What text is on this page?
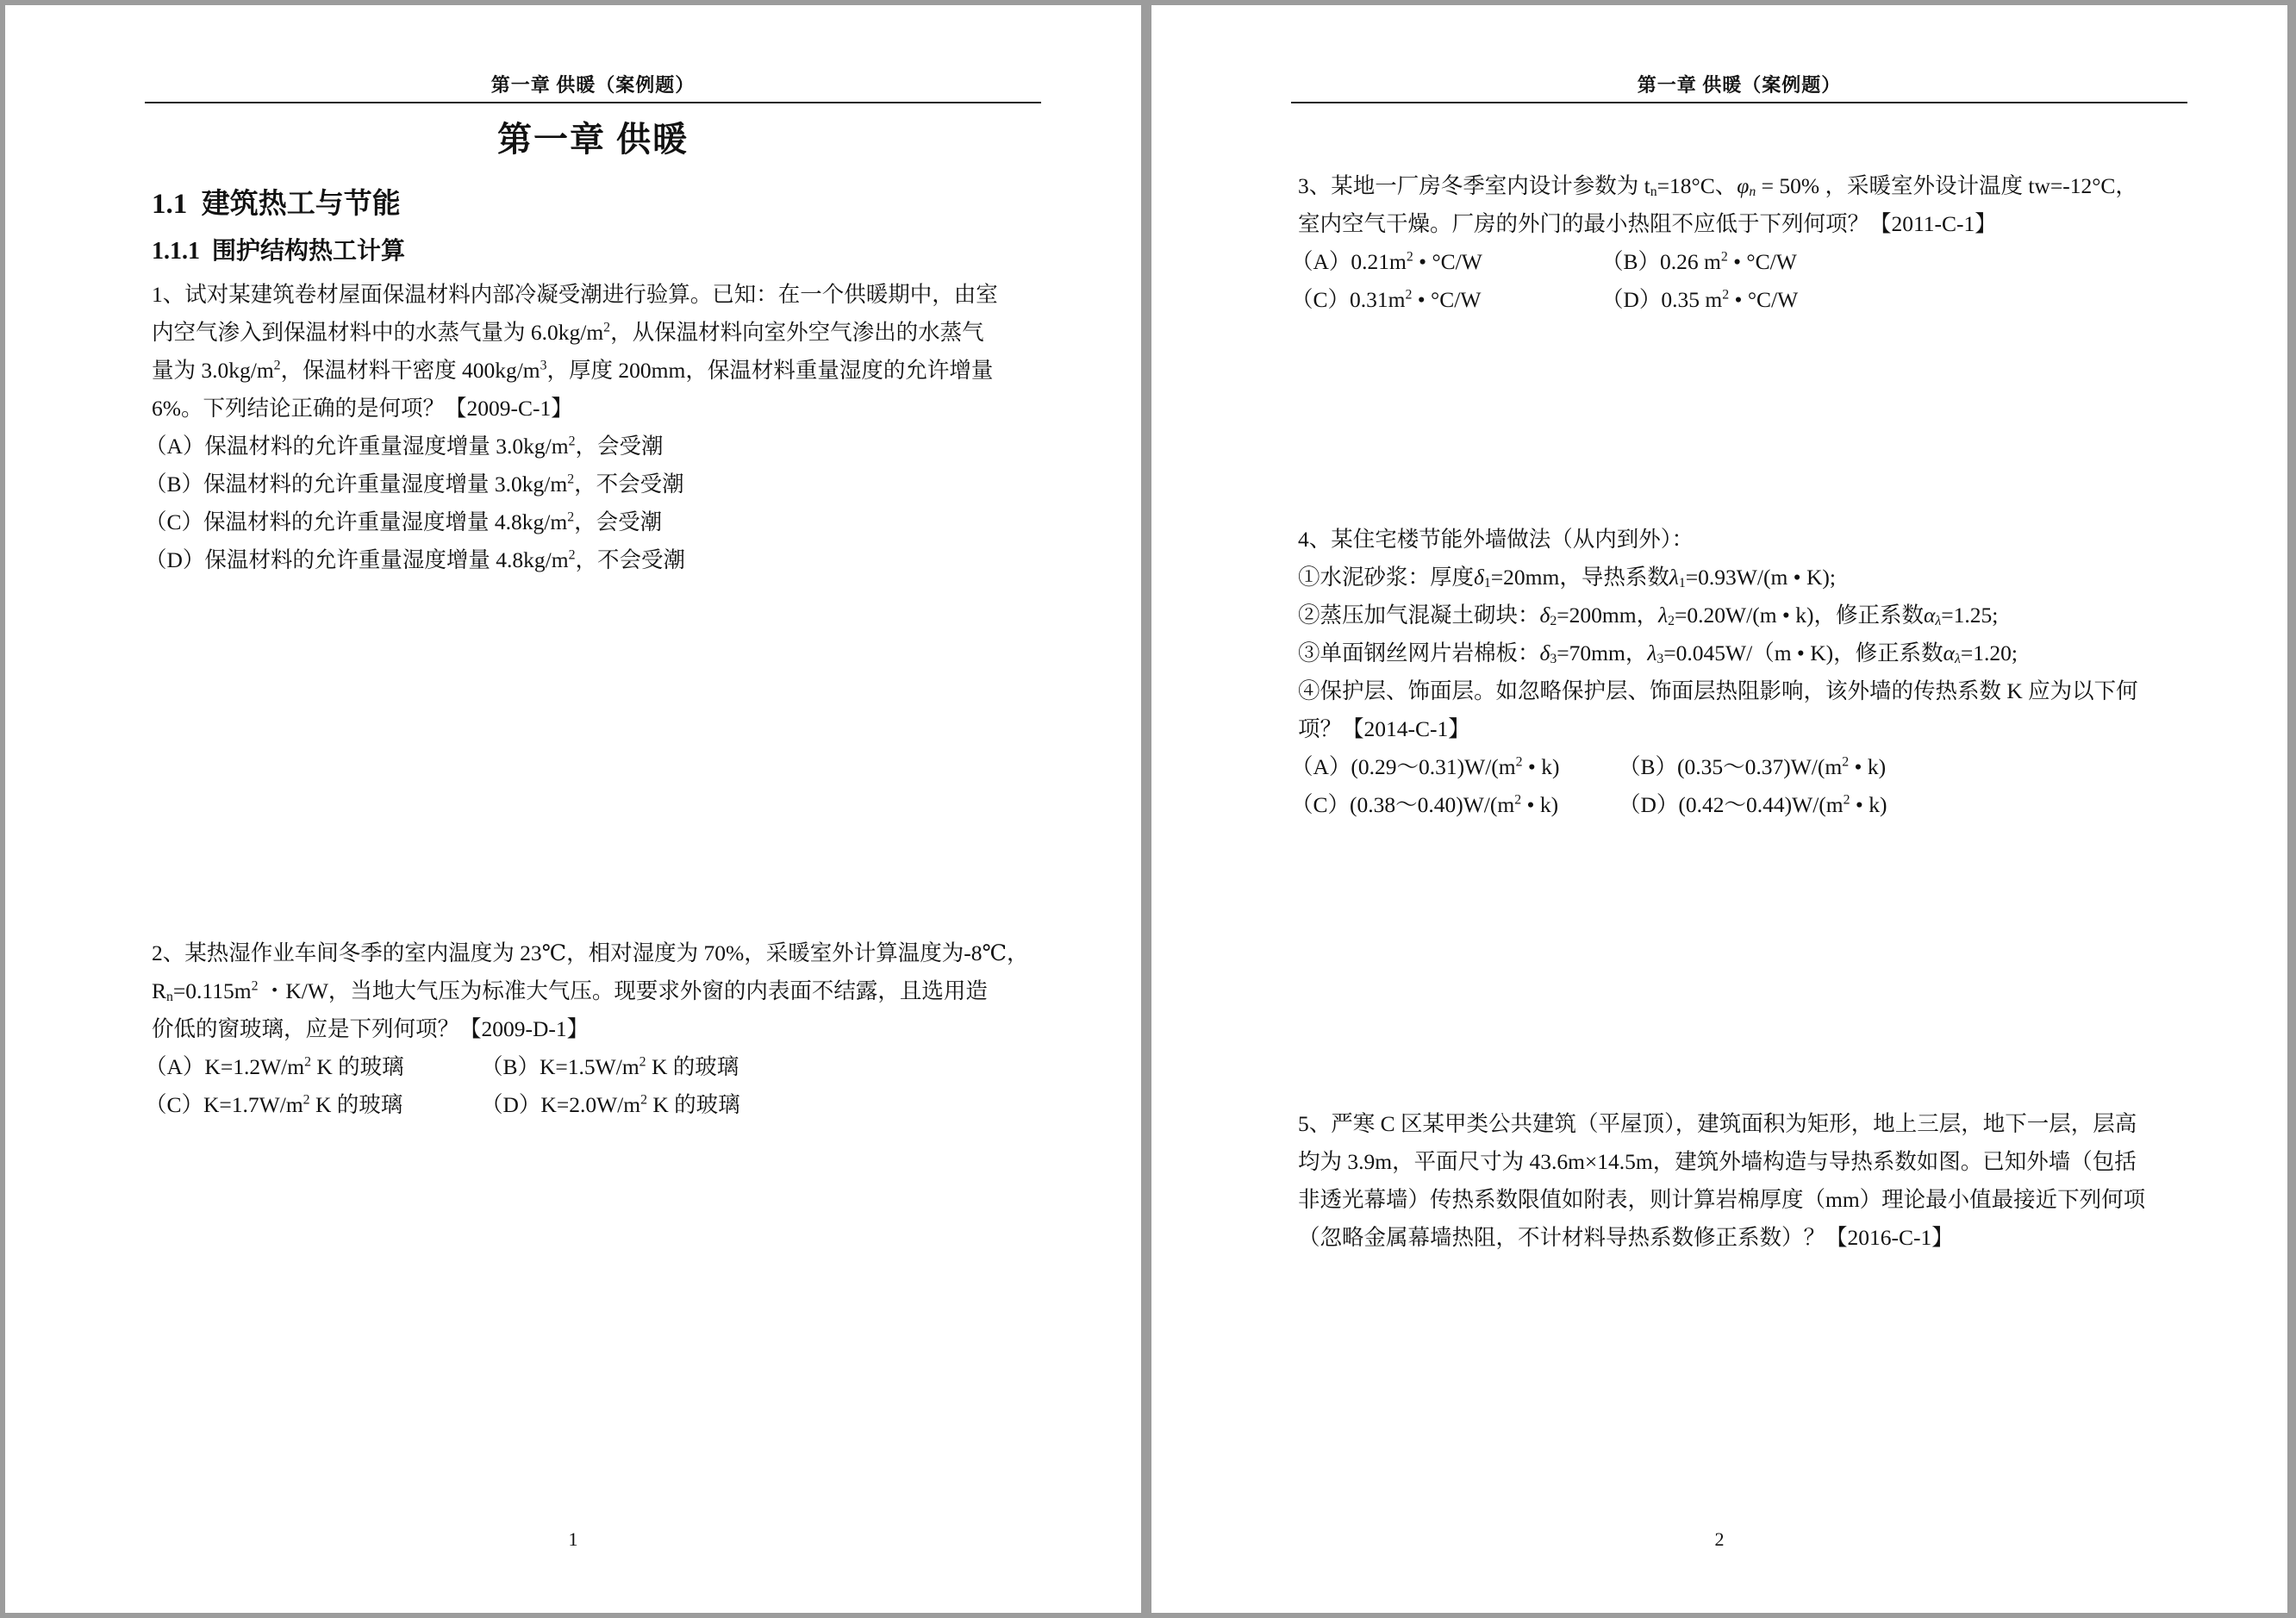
第一章 供暖（案例题）
第一章 供暖
1.1 建筑热工与节能
1.1.1 围护结构热工计算
1、试对某建筑卷材屋面保温材料内部冷凝受潮进行验算。已知：在一个供暖期中，由室
内空气渗入到保温材料中的水蒸气量为 $6.0kg/m^2$，从保温材料向室外空气渗出的水蒸气
量为 $3.0kg/m^2$，保温材料干密度 $400kg/m^3$，厚度 200mm，保温材料重量湿度的允许增量
6%。下列结论正确的是何项？【2009-C-1】
（A）保温材料的允许重量湿度增量 $3.0kg/m^2$，会受潮
（B）保温材料的允许重量湿度增量 $3.0kg/m^2$，不会受潮
（C）保温材料的允许重量湿度增量 $4.8kg/m^2$，会受潮
（D）保温材料的允许重量湿度增量 $4.8kg/m^2$，不会受潮
2、某热湿作业车间冬季的室内温度为 23℃，相对湿度为 70%，采暖室外计算温度为-8℃，
$R_n=0.115m^2$ ・K/W，当地大气压为标准大气压。现要求外窗的内表面不结露，且选用造
价低的窗玻璃，应是下列何项？【2009-D-1】
$(A)K=1.2W/m^2$ K 的玻璃	$(B)K=1.5W/m^2$ K 的玻璃
$(C)K=1.7W/m^2$ K 的玻璃	$(D)K=2.0W/m^2$ K 的玻璃
1
第一章 供暖（案例题）
3、某地一厂房冬季室内设计参数为 $t_n=18^\circ C$、$\varphi_n = 50\%$ ，采暖室外设计温度 tw=-12°C，
室内空气干燥。厂房的外门的最小热阻不应低于下列何项？【2011-C-1】
$(A)0.21m^2$ • °C/W	（B）0.26 $m^2$ • °C/W
$(C)0.31m^2$ • °C/W	（D）0.35 $m^2$ • °C/W
4、某住宅楼节能外墙做法（从内到外）：
①水泥砂浆：厚度$\delta_1=20mm$，导热系数$\lambda_1=0.93W/(m$ • K);
②蒸压加气混凝土砌块：$\delta_2=200mm$，$\lambda_2=0.20W/(m$ • k)，修正系数$\alpha_\lambda=1.25$;
③单面钢丝网片岩棉板：$\delta_3=70mm$，$\lambda_3=0.045W/(m$ • K)，修正系数$\alpha_\lambda=1.20$;
④保护层、饰面层。如忽略保护层、饰面层热阻影响，该外墙的传热系数 K 应为以下何
项？【2014-C-1】
$(A)(0.29\sim 0.31)W/(m^2$ • k)	$(B)(0.35\sim 0.37)W/(m^2$ • k)
$(C)(0.38\sim 0.40)W/(m^2$ • k)	$(D)(0.42\sim 0.44)W/(m^2$ • k)
5、严寒 C 区某甲类公共建筑（平屋顶），建筑面积为矩形，地上三层，地下一层，层高
均为 3.9m，平面尺寸为 43.6m×14.5m，建筑外墙构造与导热系数如图。已知外墙（包括
非透光幕墙）传热系数限值如附表，则计算岩棉厚度（mm）理论最小值最接近下列何项
（忽略金属幕墙热阻，不计材料导热系数修正系数）？【2016-C-1】
2
